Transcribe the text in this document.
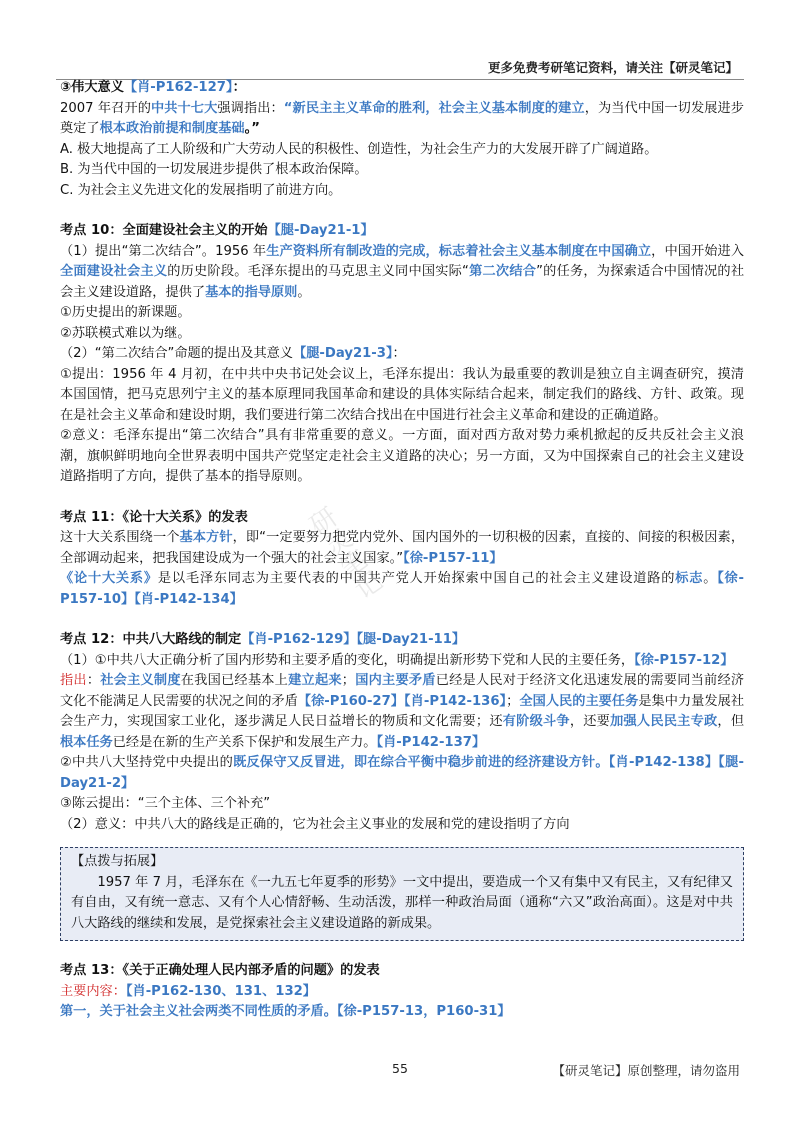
更多免费考研笔记资料，请关注【研灵笔记】
研灵笔记

③伟大意义【肖-P162-127】：

2007 年召开的中共十七大强调指出：“新民主主义革命的胜利，社会主义基本制度的建立，为当代中国一切发展进步奠定了根本政治前提和制度基础。”

A. 极大地提高了工人阶级和广大劳动人民的积极性、创造性，为社会生产力的大发展开辟了广阔道路。

B. 为当代中国的一切发展进步提供了根本政治保障。

C. 为社会主义先进文化的发展指明了前进方向。

考点 10：全面建设社会主义的开始【腿-Day21-1】

（1）提出“第二次结合”。1956 年生产资料所有制改造的完成，标志着社会主义基本制度在中国确立，中国开始进入全面建设社会主义的历史阶段。毛泽东提出的马克思主义同中国实际“第二次结合”的任务，为探索适合中国情况的社会主义建设道路，提供了基本的指导原则。

①历史提出的新课题。

②苏联模式难以为继。

（2）“第二次结合”命题的提出及其意义【腿-Day21-3】：

①提出：1956 年 4 月初，在中共中央书记处会议上，毛泽东提出：我认为最重要的教训是独立自主调查研究，摸清本国国情，把马克思列宁主义的基本原理同我国革命和建设的具体实际结合起来，制定我们的路线、方针、政策。现在是社会主义革命和建设时期，我们要进行第二次结合找出在中国进行社会主义革命和建设的正确道路。

②意义：毛泽东提出“第二次结合”具有非常重要的意义。一方面，面对西方敌对势力乘机掀起的反共反社会主义浪潮，旗帜鲜明地向全世界表明中国共产党坚定走社会主义道路的决心；另一方面，又为中国探索自己的社会主义建设道路指明了方向，提供了基本的指导原则。

考点 11：《论十大关系》的发表

这十大关系围绕一个基本方针，即“一定要努力把党内党外、国内国外的一切积极的因素，直接的、间接的积极因素，全部调动起来，把我国建设成为一个强大的社会主义国家。”【徐-P157-11】

《论十大关系》是以毛泽东同志为主要代表的中国共产党人开始探索中国自己的社会主义建设道路的标志。【徐-P157-10】【肖-P142-134】

考点 12：中共八大路线的制定【肖-P162-129】【腿-Day21-11】

（1）①中共八大正确分析了国内形势和主要矛盾的变化，明确提出新形势下党和人民的主要任务，【徐-P157-12】

指出：社会主义制度在我国已经基本上建立起来；国内主要矛盾已经是人民对于经济文化迅速发展的需要同当前经济文化不能满足人民需要的状况之间的矛盾【徐-P160-27】【肖-P142-136】；全国人民的主要任务是集中力量发展社会生产力，实现国家工业化，逐步满足人民日益增长的物质和文化需要；还有阶级斗争，还要加强人民民主专政，但根本任务已经是在新的生产关系下保护和发展生产力。【肖-P142-137】

②中共八大坚持党中央提出的既反保守又反冒进，即在综合平衡中稳步前进的经济建设方针。【肖-P142-138】【腿-Day21-2】

③陈云提出：“三个主体、三个补充”

（2）意义：中共八大的路线是正确的，它为社会主义事业的发展和党的建设指明了方向

【点拨与拓展】

1957 年 7 月，毛泽东在《一九五七年夏季的形势》一文中提出，要造成一个又有集中又有民主，又有纪律又有自由，又有统一意志、又有个人心情舒畅、生动活泼，那样一种政治局面（通称“六又”政治高面）。这是对中共八大路线的继续和发展，是党探索社会主义建设道路的新成果。

考点 13：《关于正确处理人民内部矛盾的问题》的发表

主要内容：【肖-P162-130、131、132】

第一，关于社会主义社会两类不同性质的矛盾。【徐-P157-13，P160-31】

55	【研灵笔记】原创整理，请勿盗用
